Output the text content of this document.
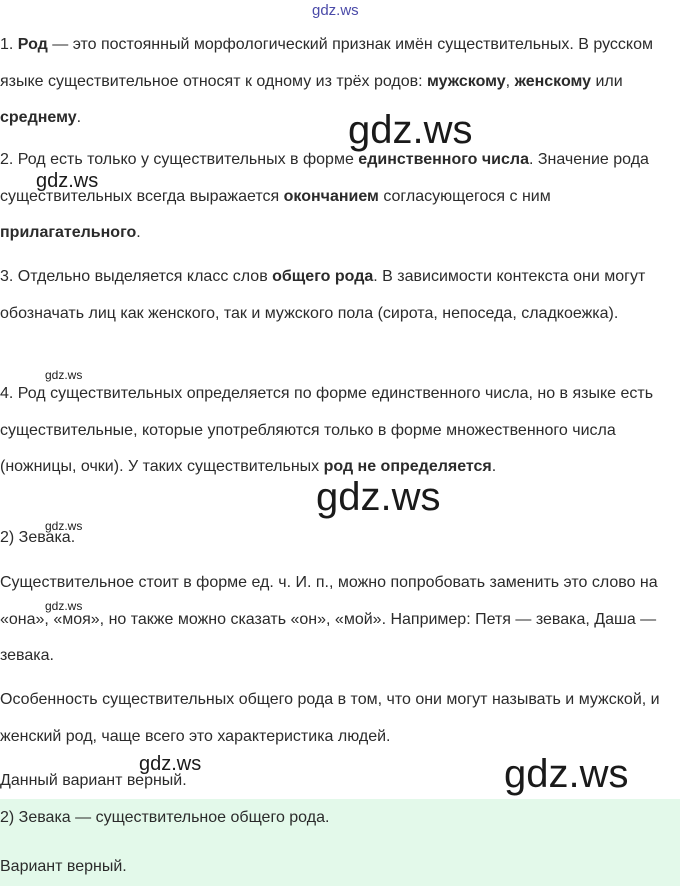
gdz.ws
1. Род — это постоянный морфологический признак имён существительных. В русском языке существительное относят к одному из трёх родов: мужскому, женскому или среднему.
2. Род есть только у существительных в форме единственного числа. Значение рода существительных всегда выражается окончанием согласующегося с ним прилагательного.
3. Отдельно выделяется класс слов общего рода. В зависимости контекста они могут обозначать лиц как женского, так и мужского пола (сирота, непоседа, сладкоежка).
4. Род существительных определяется по форме единственного числа, но в языке есть существительные, которые употребляются только в форме множественного числа (ножницы, очки). У таких существительных род не определяется.
2) Зевака.
Существительное стоит в форме ед. ч. И. п., можно попробовать заменить это слово на «она», «моя», но также можно сказать «он», «мой». Например: Петя — зевака, Даша — зевака.
Особенность существительных общего рода в том, что они могут называть и мужской, и женский род, чаще всего это характеристика людей.
Данный вариант верный.
2) Зевака — существительное общего рода.
Вариант верный.
gdz.ws
gdz.ws
gdz.ws
gdz.ws
gdz.ws
gdz.ws
gdz.ws	gdz.ws
